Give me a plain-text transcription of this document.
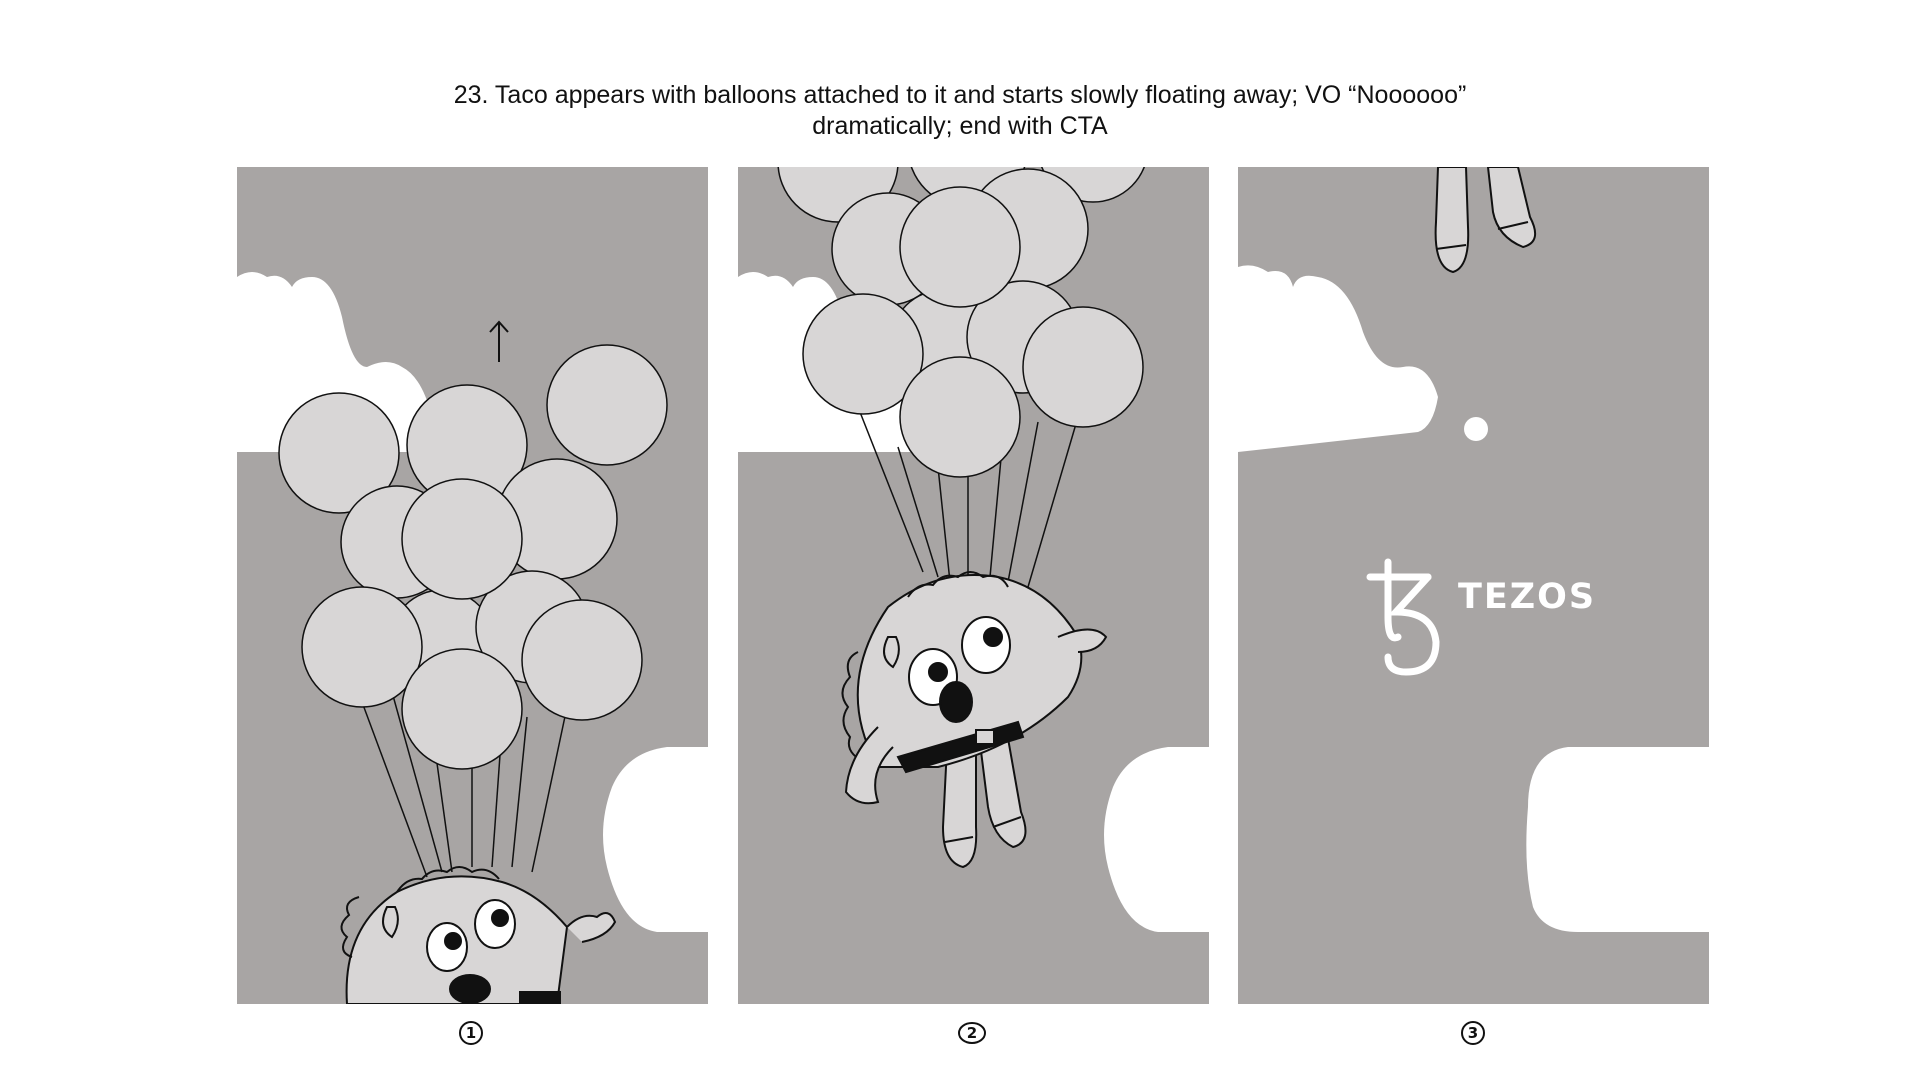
23. Taco appears with balloons attached to it and starts slowly floating away; VO “Noooooo”
dramatically; end with CTA
TEZOS
1	2	3
